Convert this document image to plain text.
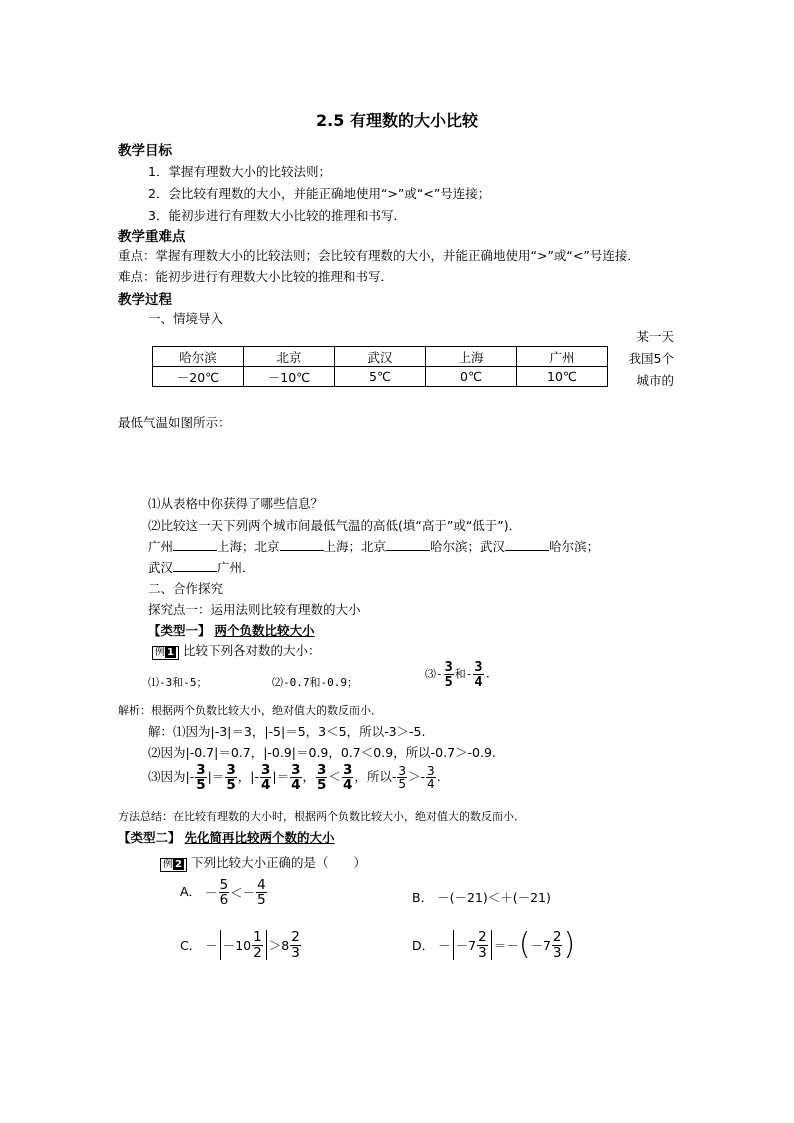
2.5 有理数的大小比较
教学目标
1．掌握有理数大小的比较法则；
2．会比较有理数的大小，并能正确地使用“>”或“<”号连接；
3．能初步进行有理数大小比较的推理和书写．
教学重难点
重点：掌握有理数大小的比较法则；会比较有理数的大小，并能正确地使用“>”或“<”号连接．
难点：能初步进行有理数大小比较的推理和书写．
教学过程
一、情境导入
哈尔滨	北京	武汉	上海	广州
－20℃	－10℃	5℃	0℃	10℃
某一天我国5个城市的
最低气温如图所示：
⑴从表格中你获得了哪些信息？
⑵比较这一天下列两个城市间最低气温的高低(填“高于”或“低于”)．
广州	上海；北京	上海；北京	哈尔滨；武汉	哈尔滨；
武汉	广州．
二、合作探究
探究点一：运用法则比较有理数的大小
【类型一】 两个负数比较大小
例 1 比较下列各对数的大小：
⑴-3和-5；	⑵-0.7和-0.9；
⑶- $\frac{3}{5}$ 和- $\frac{3}{4}$ .
解析：根据两个负数比较大小，绝对值大的数反而小．
解：⑴因为|-3|＝3，|-5|＝5，3＜5，所以-3＞-5.
⑵因为|-0.7|＝0.7，|-0.9|＝0.9，0.7＜0.9，所以-0.7＞-0.9.
⑶因为|- $\frac{3}{5}$ |＝ $\frac{3}{5}$ ，|- $\frac{3}{4}$ |＝ $\frac{3}{4}$ ， $\frac{3}{5} < \frac{3}{4}$ ，所以- $\frac{3}{5} >- \frac{3}{4}$ .
方法总结：在比较有理数的大小时，根据两个负数比较大小，绝对值大的数反而小．
【类型二】 先化简再比较两个数的大小
例 2 下列比较大小正确的是（　　）
A． － $\frac{5}{6} <- \frac{4}{5}$	B． －(－21)＜＋(－21)
C． － $-10 \frac{1}{2} >8 \frac{2}{3}$	D． － $-7 \frac{2}{3} =-(-7 \frac{2}{3}$ )
